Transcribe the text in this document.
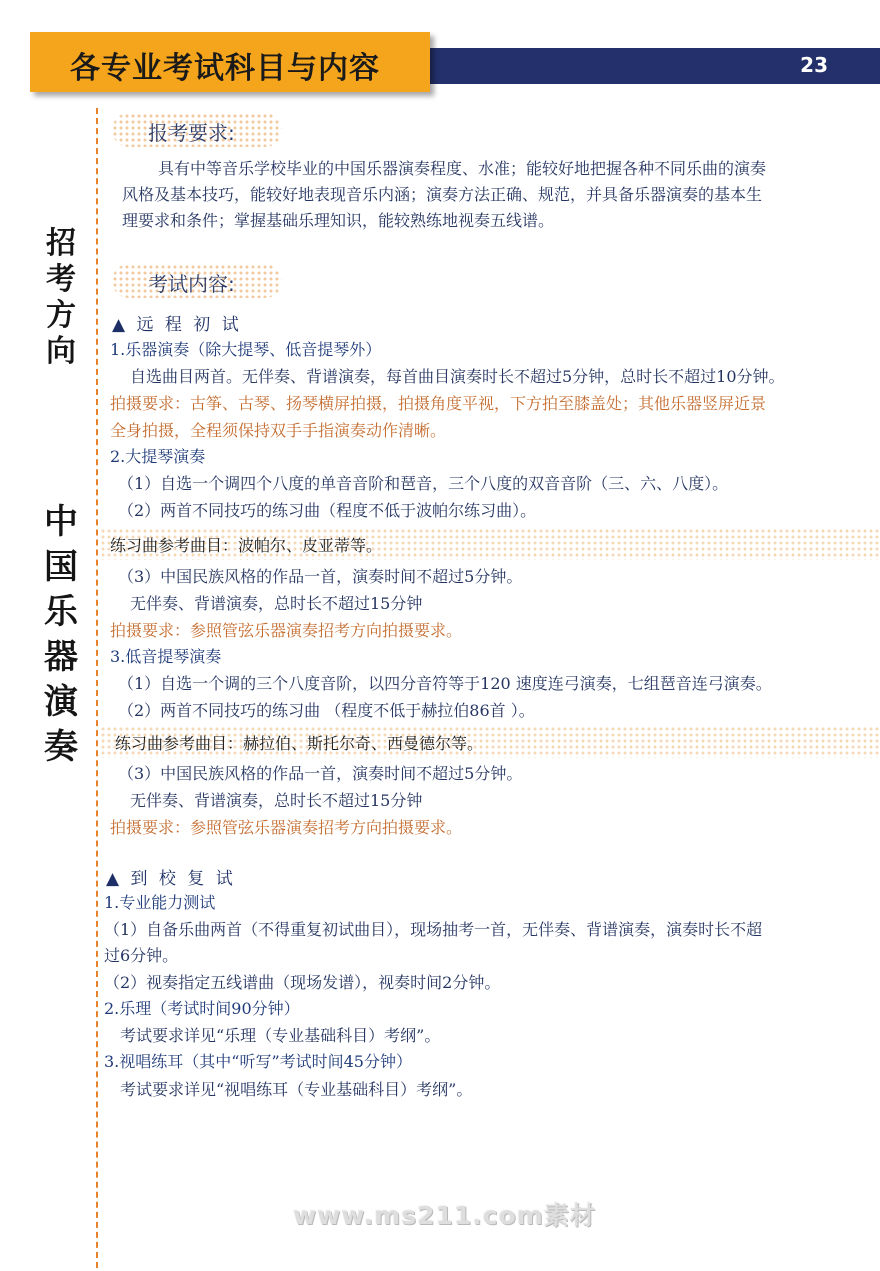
23
各专业考试科目与内容
招
考
方
向
中
国
乐
器
演
奏
报考要求:
具有中等音乐学校毕业的中国乐器演奏程度、水准；能较好地把握各种不同乐曲的演奏
风格及基本技巧，能较好地表现音乐内涵；演奏方法正确、规范，并具备乐器演奏的基本生
理要求和条件；掌握基础乐理知识，能较熟练地视奏五线谱。
考试内容:
▲ 远 程 初 试
1.乐器演奏（除大提琴、低音提琴外）
自选曲目两首。无伴奏、背谱演奏，每首曲目演奏时长不超过5分钟，总时长不超过10分钟。
拍摄要求：古筝、古琴、扬琴横屏拍摄，拍摄角度平视，下方拍至膝盖处；其他乐器竖屏近景
全身拍摄，全程须保持双手手指演奏动作清晰。
2.大提琴演奏
（1）自选一个调四个八度的单音音阶和琶音，三个八度的双音音阶（三、六、八度）。
（2）两首不同技巧的练习曲（程度不低于波帕尔练习曲）。
练习曲参考曲目：波帕尔、皮亚蒂等。
（3）中国民族风格的作品一首，演奏时间不超过5分钟。
无伴奏、背谱演奏，总时长不超过15分钟
拍摄要求：参照管弦乐器演奏招考方向拍摄要求。
3.低音提琴演奏
（1）自选一个调的三个八度音阶，以四分音符等于120 速度连弓演奏，七组琶音连弓演奏。
（2）两首不同技巧的练习曲 （程度不低于赫拉伯86首 ）。
练习曲参考曲目：赫拉伯、斯托尔奇、西曼德尔等。
（3）中国民族风格的作品一首，演奏时间不超过5分钟。
无伴奏、背谱演奏，总时长不超过15分钟
拍摄要求：参照管弦乐器演奏招考方向拍摄要求。
▲ 到 校 复 试
1.专业能力测试
（1）自备乐曲两首（不得重复初试曲目），现场抽考一首，无伴奏、背谱演奏，演奏时长不超
过6分钟。
（2）视奏指定五线谱曲（现场发谱），视奏时间2分钟。
2.乐理（考试时间90分钟）
考试要求详见“乐理（专业基础科目）考纲”。
3.视唱练耳（其中“听写”考试时间45分钟）
考试要求详见“视唱练耳（专业基础科目）考纲”。
www.ms211.com素材
